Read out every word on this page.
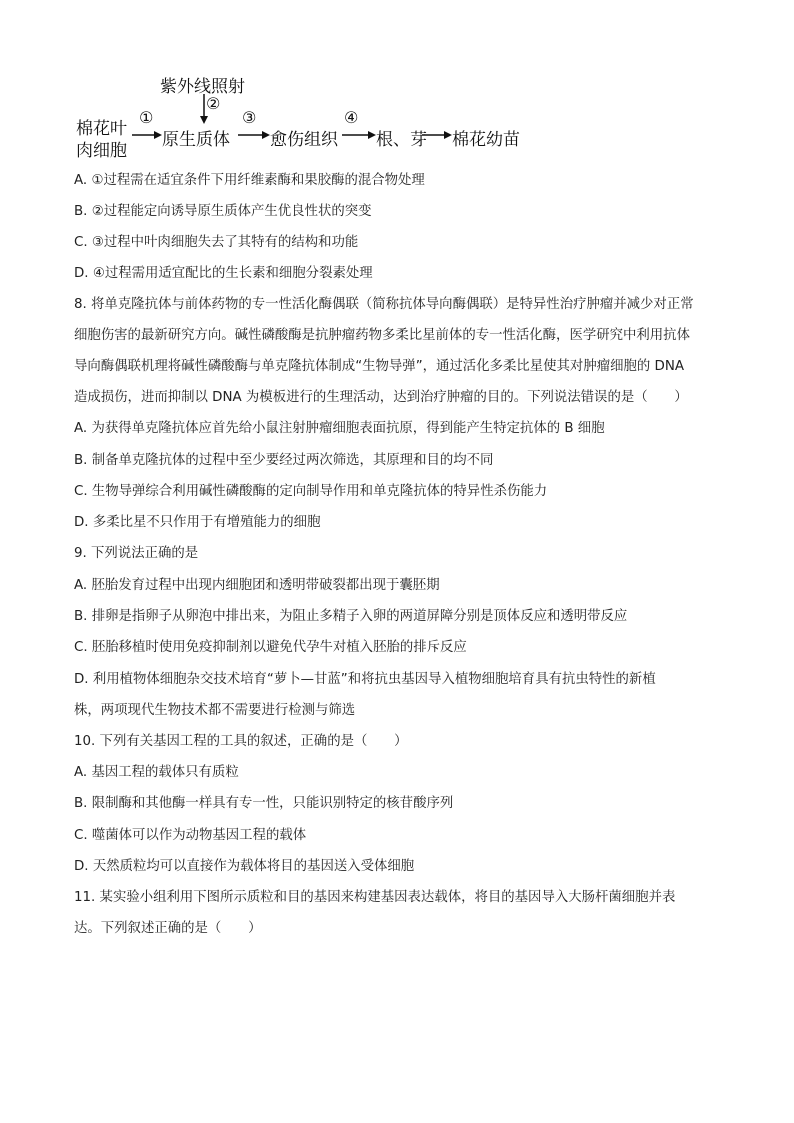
紫外线照射
棉花叶
肉细胞
原生质体 愈伤组织 根、芽 棉花幼苗
①
②
③	④
A. ①过程需在适宜条件下用纤维素酶和果胶酶的混合物处理
B. ②过程能定向诱导原生质体产生优良性状的突变
C. ③过程中叶肉细胞失去了其特有的结构和功能
D. ④过程需用适宜配比的生长素和细胞分裂素处理
8. 将单克隆抗体与前体药物的专一性活化酶偶联（简称抗体导向酶偶联）是特异性治疗肿瘤并减少对正常
细胞伤害的最新研究方向。碱性磷酸酶是抗肿瘤药物多柔比星前体的专一性活化酶，医学研究中利用抗体
导向酶偶联机理将碱性磷酸酶与单克隆抗体制成“生物导弹”，通过活化多柔比星使其对肿瘤细胞的 DNA
造成损伤，进而抑制以 DNA 为模板进行的生理活动，达到治疗肿瘤的目的。下列说法错误的是（　　）
A. 为获得单克隆抗体应首先给小鼠注射肿瘤细胞表面抗原，得到能产生特定抗体的 B 细胞
B. 制备单克隆抗体的过程中至少要经过两次筛选，其原理和目的均不同
C. 生物导弹综合利用碱性磷酸酶的定向制导作用和单克隆抗体的特异性杀伤能力
D. 多柔比星不只作用于有增殖能力的细胞
9. 下列说法正确的是
A. 胚胎发育过程中出现内细胞团和透明带破裂都出现于囊胚期
B. 排卵是指卵子从卵泡中排出来，为阻止多精子入卵的两道屏障分别是顶体反应和透明带反应
C. 胚胎移植时使用免疫抑制剂以避免代孕牛对植入胚胎的排斥反应
D. 利用植物体细胞杂交技术培育“萝卜—甘蓝”和将抗虫基因导入植物细胞培育具有抗虫特性的新植
株，两项现代生物技术都不需要进行检测与筛选
10. 下列有关基因工程的工具的叙述，正确的是（　　）
A. 基因工程的载体只有质粒
B. 限制酶和其他酶一样具有专一性，只能识别特定的核苷酸序列
C. 噬菌体可以作为动物基因工程的载体
D. 天然质粒均可以直接作为载体将目的基因送入受体细胞
11. 某实验小组利用下图所示质粒和目的基因来构建基因表达载体，将目的基因导入大肠杆菌细胞并表
达。下列叙述正确的是（　　）
